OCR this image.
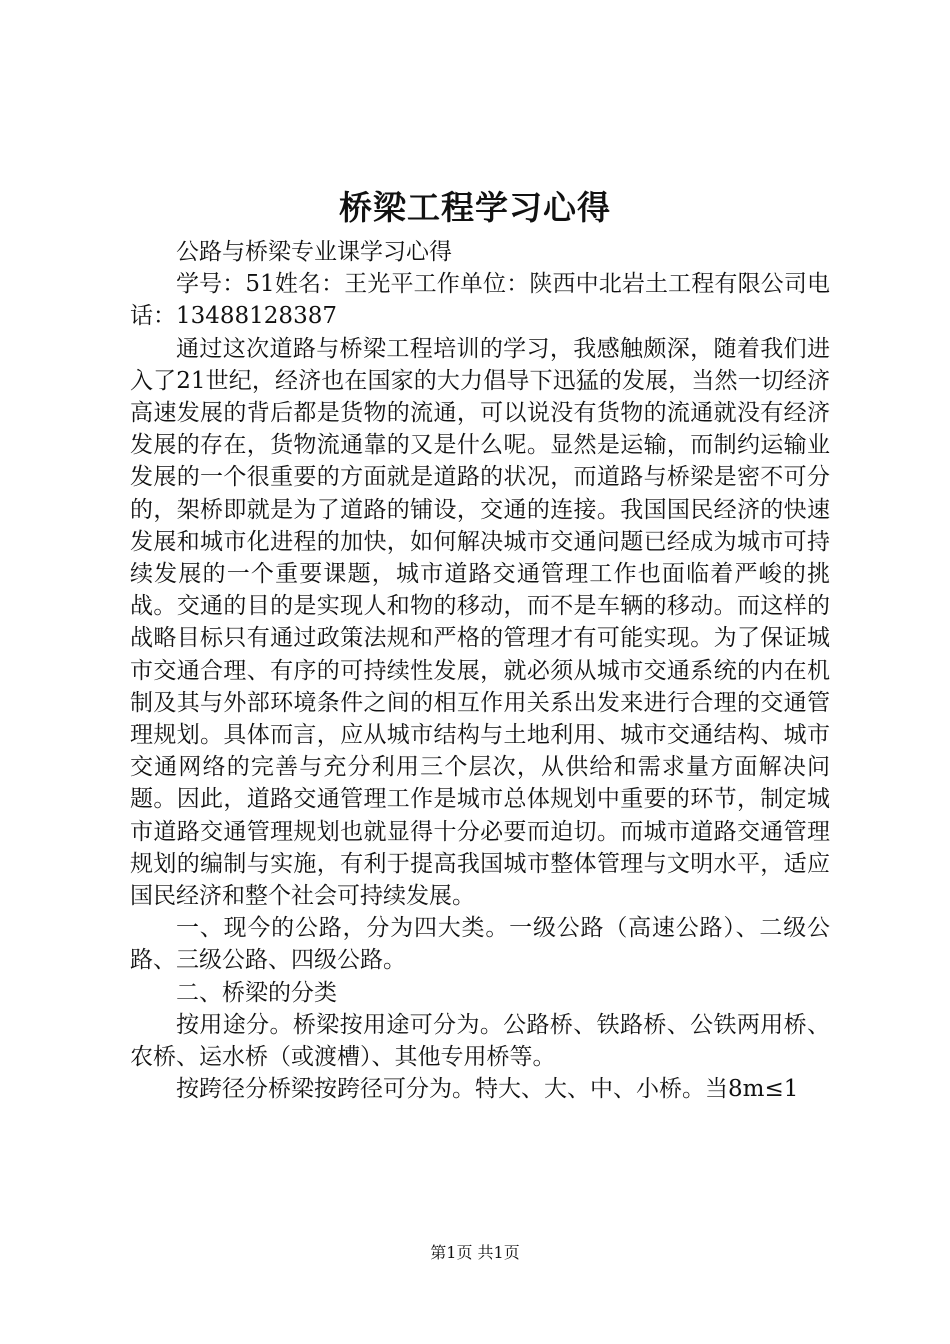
桥梁工程学习心得

公路与桥梁专业课学习心得

学号：51姓名：王光平工作单位：陕西中北岩土工程有限公司电话：13488128387

通过这次道路与桥梁工程培训的学习，我感触颇深，随着我们进入了21世纪，经济也在国家的大力倡导下迅猛的发展，当然一切经济高速发展的背后都是货物的流通，可以说没有货物的流通就没有经济发展的存在，货物流通靠的又是什么呢。显然是运输，而制约运输业发展的一个很重要的方面就是道路的状况，而道路与桥梁是密不可分的，架桥即就是为了道路的铺设，交通的连接。我国国民经济的快速发展和城市化进程的加快，如何解决城市交通问题已经成为城市可持续发展的一个重要课题，城市道路交通管理工作也面临着严峻的挑战。交通的目的是实现人和物的移动，而不是车辆的移动。而这样的战略目标只有通过政策法规和严格的管理才有可能实现。为了保证城市交通合理、有序的可持续性发展，就必须从城市交通系统的内在机制及其与外部环境条件之间的相互作用关系出发来进行合理的交通管理规划。具体而言，应从城市结构与土地利用、城市交通结构、城市交通网络的完善与充分利用三个层次，从供给和需求量方面解决问题。因此，道路交通管理工作是城市总体规划中重要的环节，制定城市道路交通管理规划也就显得十分必要而迫切。而城市道路交通管理规划的编制与实施，有利于提高我国城市整体管理与文明水平，适应国民经济和整个社会可持续发展。

一、现今的公路，分为四大类。一级公路（高速公路）、二级公路、三级公路、四级公路。

二、桥梁的分类

按用途分。桥梁按用途可分为。公路桥、铁路桥、公铁两用桥、农桥、运水桥（或渡槽）、其他专用桥等。

按跨径分桥梁按跨径可分为。特大、大、中、小桥。当8m≤1

第1页 共1页
